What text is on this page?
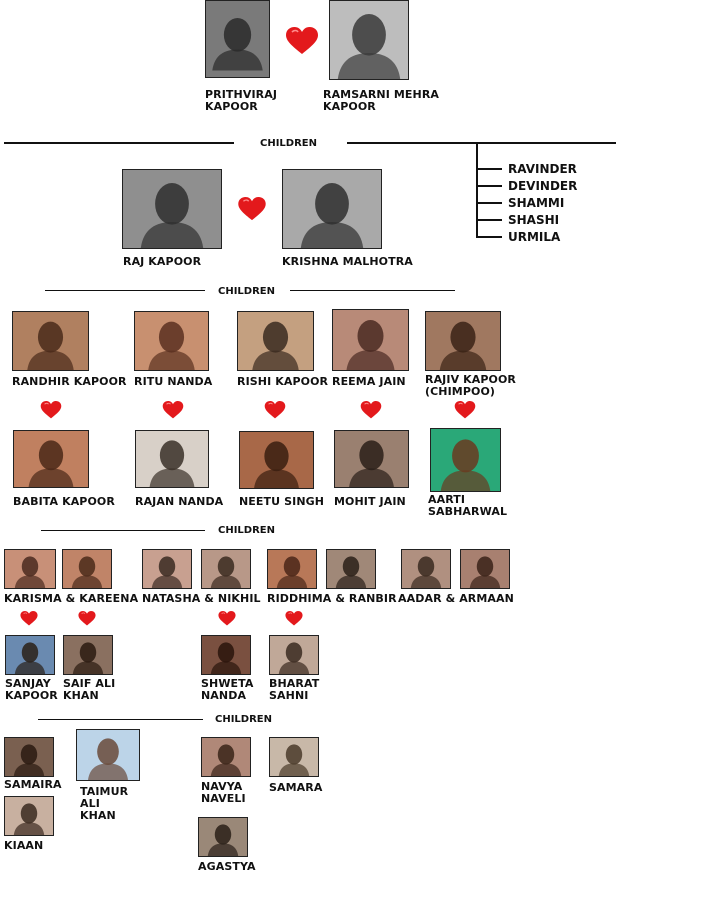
PRITHVIRAJ KAPOOR
RAMSARNI MEHRA KAPOOR
CHILDREN
RAVINDER
DEVINDER
SHAMMI
SHASHI
URMILA
RAJ KAPOOR	KRISHNA MALHOTRA
CHILDREN
RANDHIR KAPOOR RITU NANDA RISHI KAPOOR REEMA JAIN RAJIV KAPOOR (CHIMPOO)
BABITA KAPOOR RAJAN NANDA NEETU SINGH MOHIT JAIN AARTI SABHARWAL
CHILDREN
KARISMA & KAREENA NATASHA & NIKHIL RIDDHIMA & RANBIR AADAR & ARMAAN
SANJAY KAPOOR
SAIF ALI KHAN
SHWETA NANDA
BHARAT SAHNI
CHILDREN
SAMAIRA
KIAAN
TAIMUR ALI KHAN
NAVYA NAVELI
AGASTYA
SAMARA
